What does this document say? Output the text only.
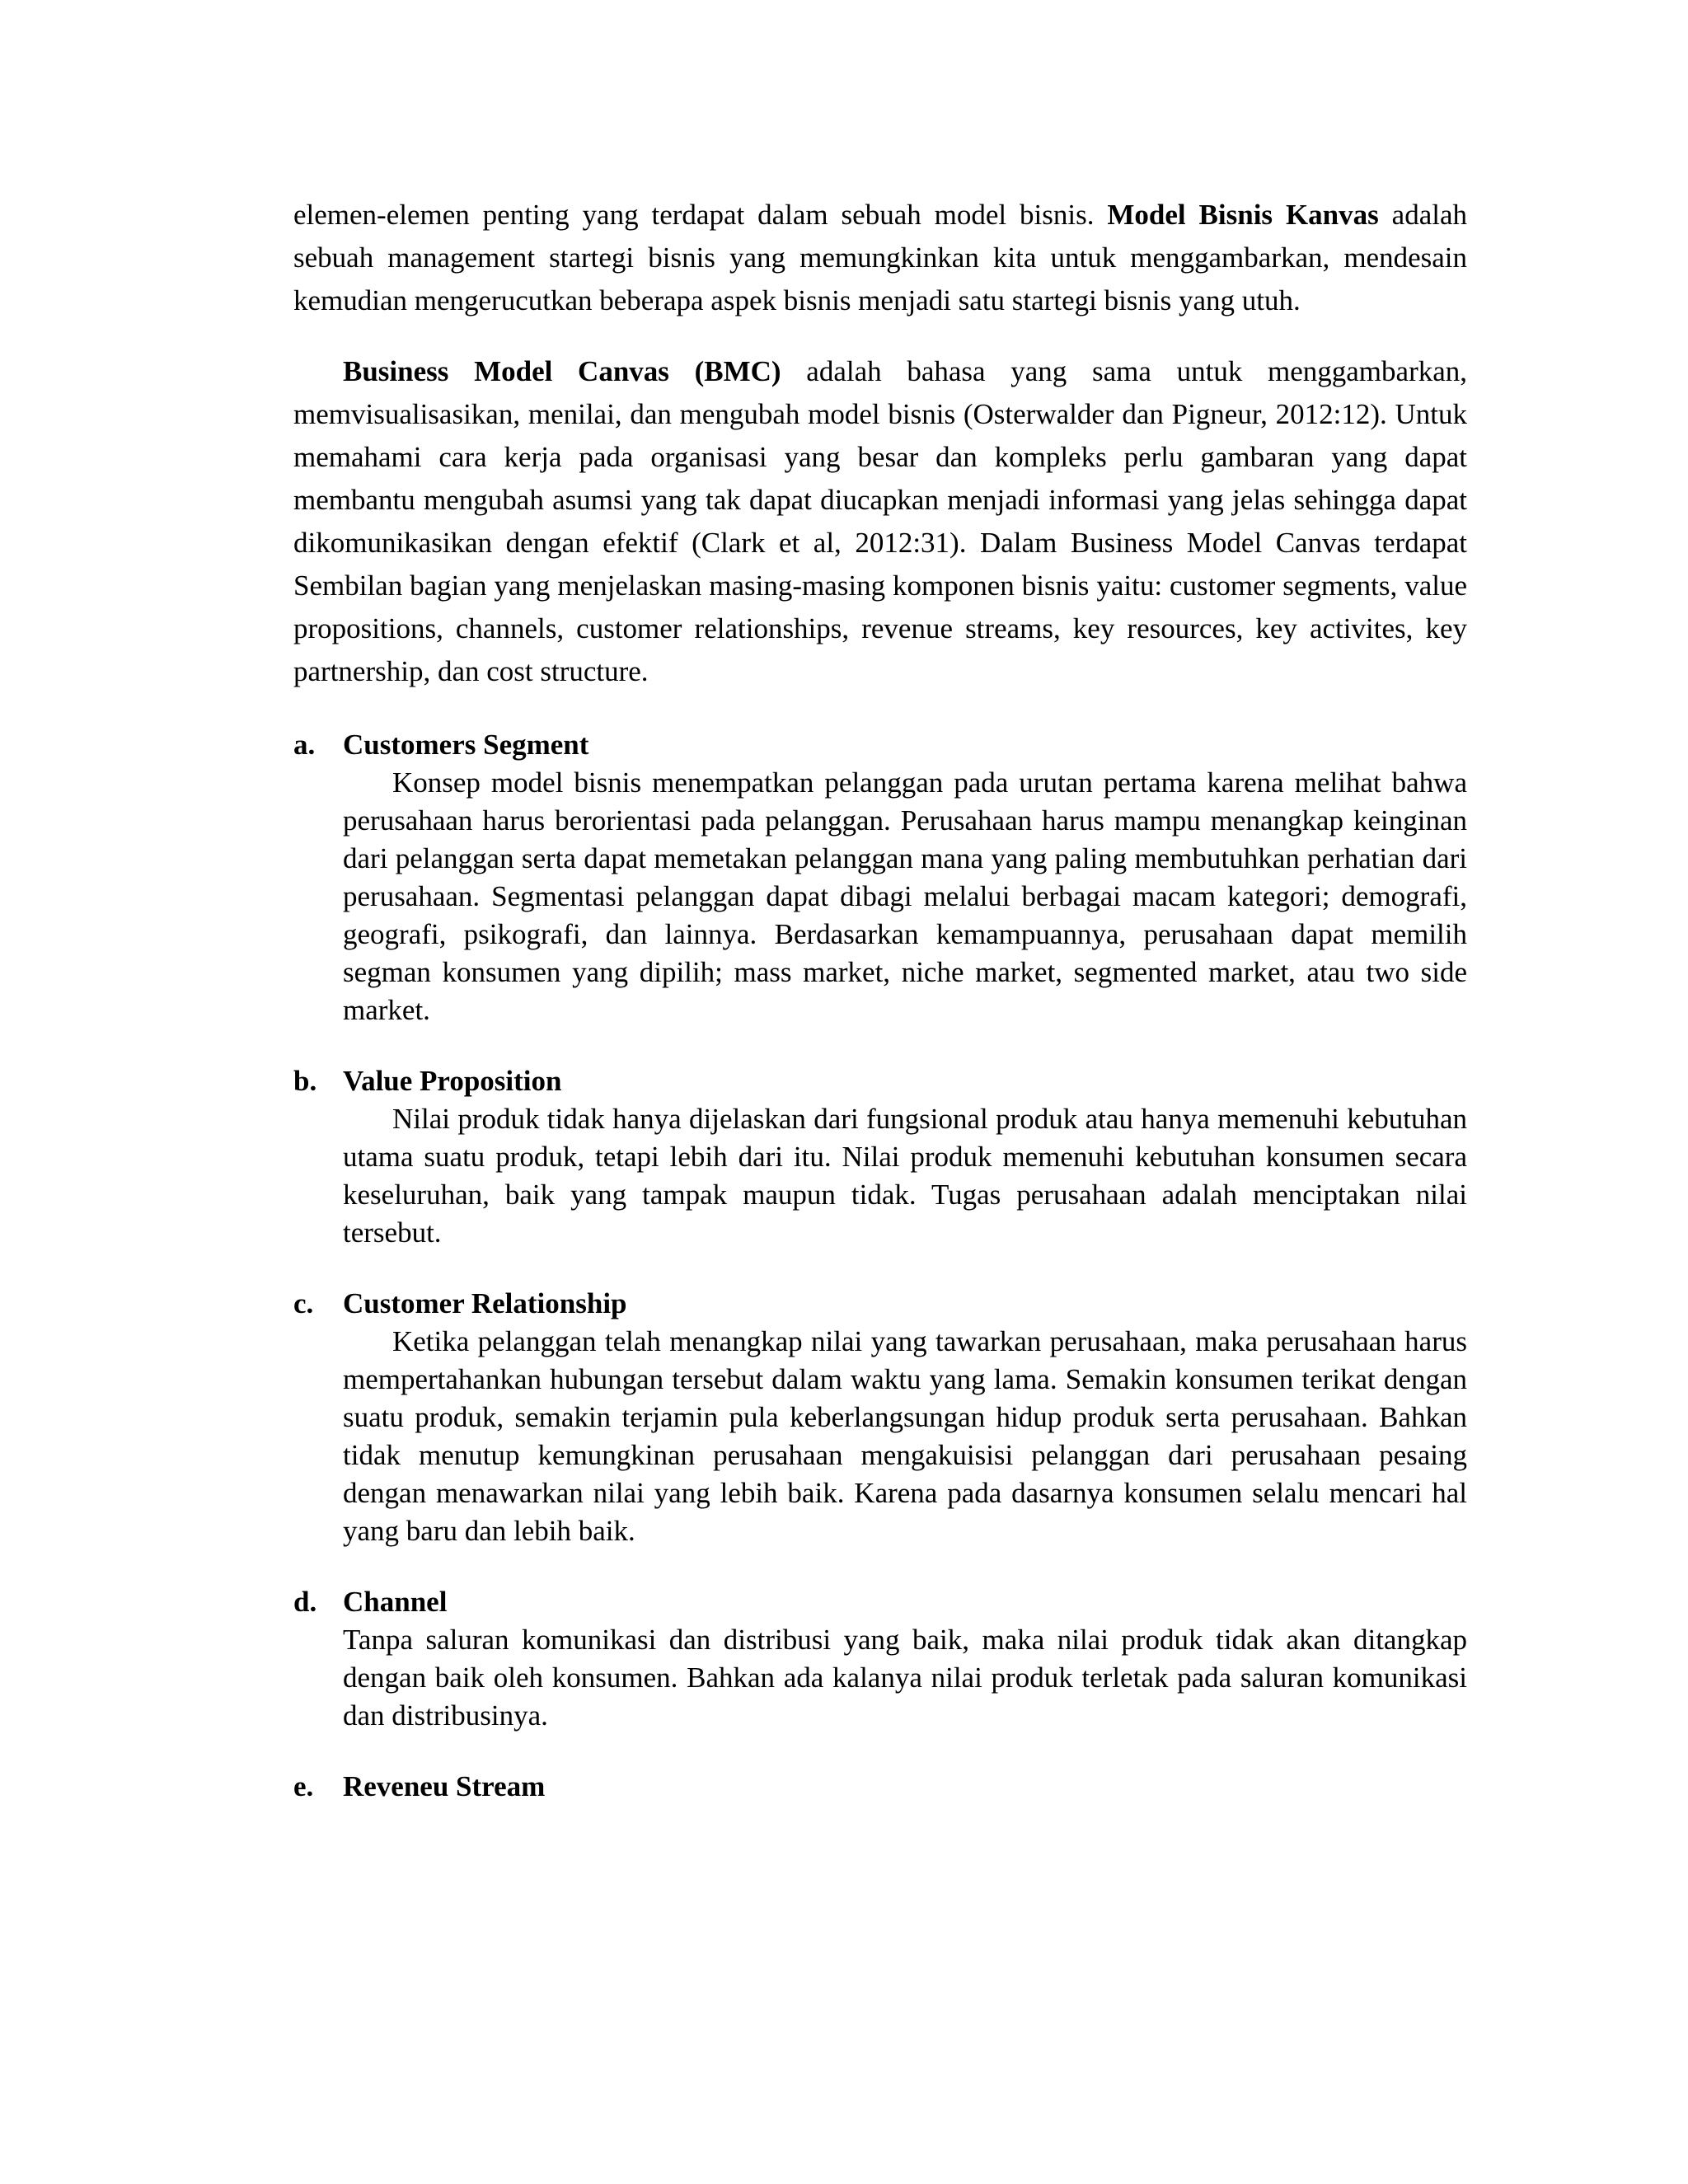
elemen-elemen penting yang terdapat dalam sebuah model bisnis. Model Bisnis Kanvas adalah sebuah management startegi bisnis yang memungkinkan kita untuk menggambarkan, mendesain kemudian mengerucutkan beberapa aspek bisnis menjadi satu startegi bisnis yang utuh.

Business Model Canvas (BMC) adalah bahasa yang sama untuk menggambarkan, memvisualisasikan, menilai, dan mengubah model bisnis (Osterwalder dan Pigneur, 2012:12). Untuk memahami cara kerja pada organisasi yang besar dan kompleks perlu gambaran yang dapat membantu mengubah asumsi yang tak dapat diucapkan menjadi informasi yang jelas sehingga dapat dikomunikasikan dengan efektif (Clark et al, 2012:31). Dalam Business Model Canvas terdapat Sembilan bagian yang menjelaskan masing-masing komponen bisnis yaitu: customer segments, value propositions, channels, customer relationships, revenue streams, key resources, key activites, key partnership, dan cost structure.

a. Customers Segment

Konsep model bisnis menempatkan pelanggan pada urutan pertama karena melihat bahwa perusahaan harus berorientasi pada pelanggan. Perusahaan harus mampu menangkap keinginan dari pelanggan serta dapat memetakan pelanggan mana yang paling membutuhkan perhatian dari perusahaan. Segmentasi pelanggan dapat dibagi melalui berbagai macam kategori; demografi, geografi, psikografi, dan lainnya. Berdasarkan kemampuannya, perusahaan dapat memilih segman konsumen yang dipilih; mass market, niche market, segmented market, atau two side market.

b. Value Proposition

Nilai produk tidak hanya dijelaskan dari fungsional produk atau hanya memenuhi kebutuhan utama suatu produk, tetapi lebih dari itu. Nilai produk memenuhi kebutuhan konsumen secara keseluruhan, baik yang tampak maupun tidak. Tugas perusahaan adalah menciptakan nilai tersebut.

c.	Customer Relationship

Ketika pelanggan telah menangkap nilai yang tawarkan perusahaan, maka perusahaan harus mempertahankan hubungan tersebut dalam waktu yang lama. Semakin konsumen terikat dengan suatu produk, semakin terjamin pula keberlangsungan hidup produk serta perusahaan. Bahkan tidak menutup kemungkinan perusahaan mengakuisisi pelanggan dari perusahaan pesaing dengan menawarkan nilai yang lebih baik. Karena pada dasarnya konsumen selalu mencari hal yang baru dan lebih baik.

d. Channel

Tanpa saluran komunikasi dan distribusi yang baik, maka nilai produk tidak akan ditangkap dengan baik oleh konsumen. Bahkan ada kalanya nilai produk terletak pada saluran komunikasi dan distribusinya.

e.	Reveneu Stream
